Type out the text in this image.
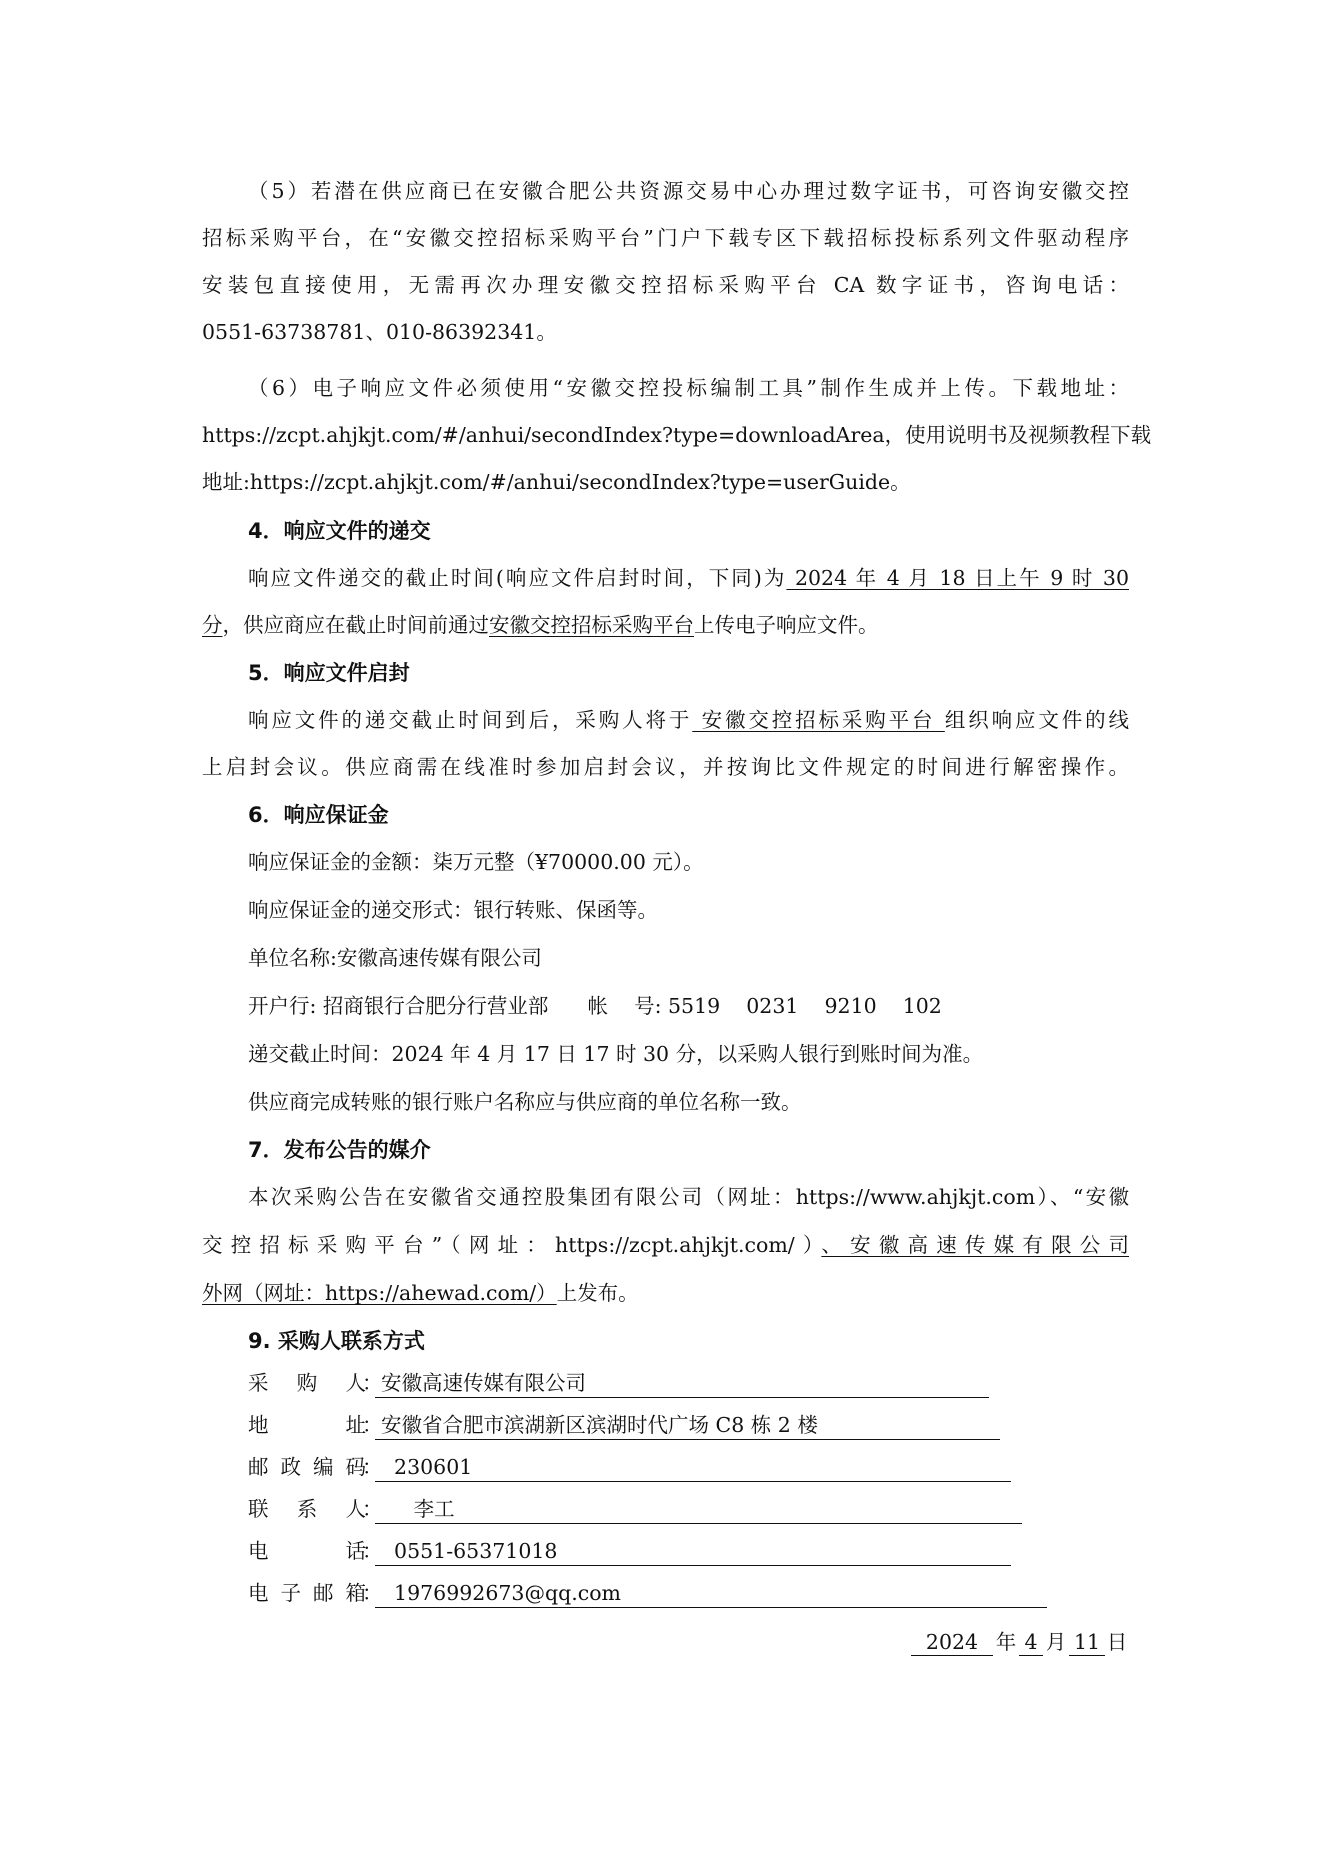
（5）若潜在供应商已在安徽合肥公共资源交易中心办理过数字证书，可咨询安徽交控
招标采购平台，在“安徽交控招标采购平台”门户下载专区下载招标投标系列文件驱动程序
安装包直接使用，无需再次办理安徽交控招标采购平台 CA 数字证书，咨询电话：
0551-63738781、010-86392341。
（6）电子响应文件必须使用“安徽交控投标编制工具”制作生成并上传。下载地址：
https://zcpt.ahjkjt.com/#/anhui/secondIndex?type=downloadArea，使用说明书及视频教程下载
地址:https://zcpt.ahjkjt.com/#/anhui/secondIndex?type=userGuide。
4．响应文件的递交
响应文件递交的截止时间(响应文件启封时间，下同)为 2024 年 4 月 18 日上午 9 时 30
分，供应商应在截止时间前通过安徽交控招标采购平台上传电子响应文件。
5．响应文件启封
响应文件的递交截止时间到后，采购人将于 安徽交控招标采购平台 组织响应文件的线
上启封会议。供应商需在线准时参加启封会议，并按询比文件规定的时间进行解密操作。
6．响应保证金
响应保证金的金额：柒万元整（¥70000.00 元）。
响应保证金的递交形式：银行转账、保函等。
单位名称:安徽高速传媒有限公司
开户行: 招商银行合肥分行营业部      帐    号: 5519    0231    9210    102
递交截止时间：2024 年 4 月 17 日 17 时 30 分，以采购人银行到账时间为准。
供应商完成转账的银行账户名称应与供应商的单位名称一致。
7．发布公告的媒介
本次采购公告在安徽省交通控股集团有限公司（网址：https://www.ahjkjt.com）、“安徽
交控招标采购平台”（网址：https://zcpt.ahjkjt.com/）、安徽高速传媒有限公司
外网（网址：https://ahewad.com/）上发布。
9. 采购人联系方式
采购人
：
安徽高速传媒有限公司
地址
：
安徽省合肥市滨湖新区滨湖时代广场 C8 栋 2 楼
邮政编码
：
230601
联系人
：
李工
电话
：
0551-65371018
电子邮箱
：
1976992673@qq.com
2024 年 4 月 11 日
